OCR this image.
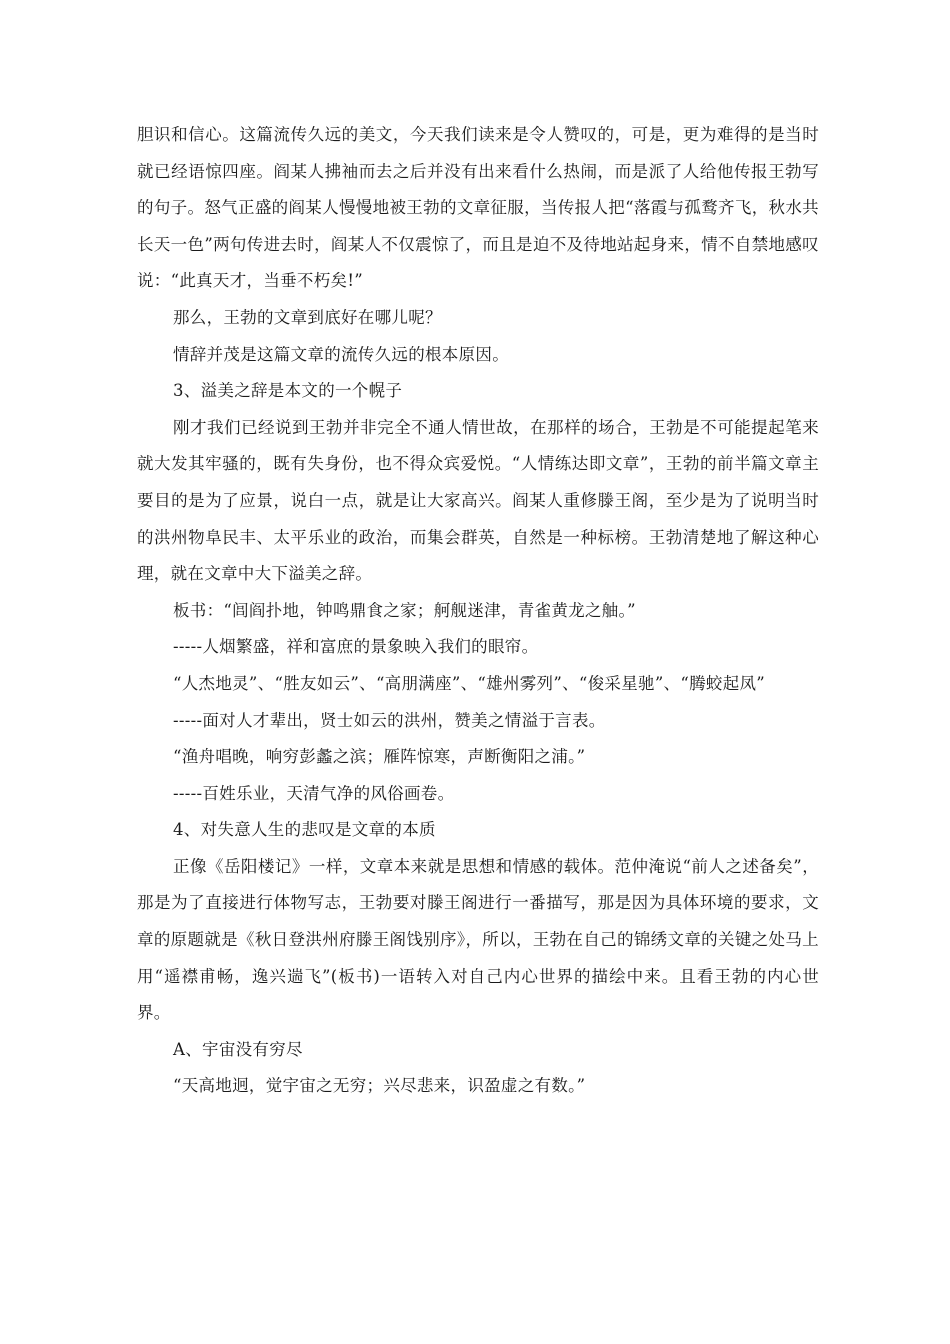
胆识和信心。这篇流传久远的美文，今天我们读来是令人赞叹的，可是，更为难得的是当时就已经语惊四座。阎某人拂袖而去之后并没有出来看什么热闹，而是派了人给他传报王勃写的句子。怒气正盛的阎某人慢慢地被王勃的文章征服，当传报人把“落霞与孤鹜齐飞，秋水共长天一色”两句传进去时，阎某人不仅震惊了，而且是迫不及待地站起身来，情不自禁地感叹说：“此真天才，当垂不朽矣!”

那么，王勃的文章到底好在哪儿呢？

情辞并茂是这篇文章的流传久远的根本原因。

3、溢美之辞是本文的一个幌子

刚才我们已经说到王勃并非完全不通人情世故，在那样的场合，王勃是不可能提起笔来就大发其牢骚的，既有失身份，也不得众宾爱悦。“人情练达即文章”，王勃的前半篇文章主要目的是为了应景，说白一点，就是让大家高兴。阎某人重修滕王阁，至少是为了说明当时的洪州物阜民丰、太平乐业的政治，而集会群英，自然是一种标榜。王勃清楚地了解这种心理，就在文章中大下溢美之辞。

板书：“闾阎扑地，钟鸣鼎食之家；舸舰迷津，青雀黄龙之舳。”

-----人烟繁盛，祥和富庶的景象映入我们的眼帘。

“人杰地灵”、“胜友如云”、“高朋满座”、“雄州雾列”、“俊采星驰”、“腾蛟起凤”

-----面对人才辈出，贤士如云的洪州，赞美之情溢于言表。

“渔舟唱晚，响穷彭蠡之滨；雁阵惊寒，声断衡阳之浦。”

-----百姓乐业，天清气净的风俗画卷。

4、对失意人生的悲叹是文章的本质

正像《岳阳楼记》一样，文章本来就是思想和情感的载体。范仲淹说“前人之述备矣”，那是为了直接进行体物写志，王勃要对滕王阁进行一番描写，那是因为具体环境的要求，文章的原题就是《秋日登洪州府滕王阁饯别序》，所以，王勃在自己的锦绣文章的关键之处马上用“遥襟甫畅，逸兴遄飞”(板书)一语转入对自己内心世界的描绘中来。且看王勃的内心世界。

A、宇宙没有穷尽

“天高地迥，觉宇宙之无穷；兴尽悲来，识盈虚之有数。”
